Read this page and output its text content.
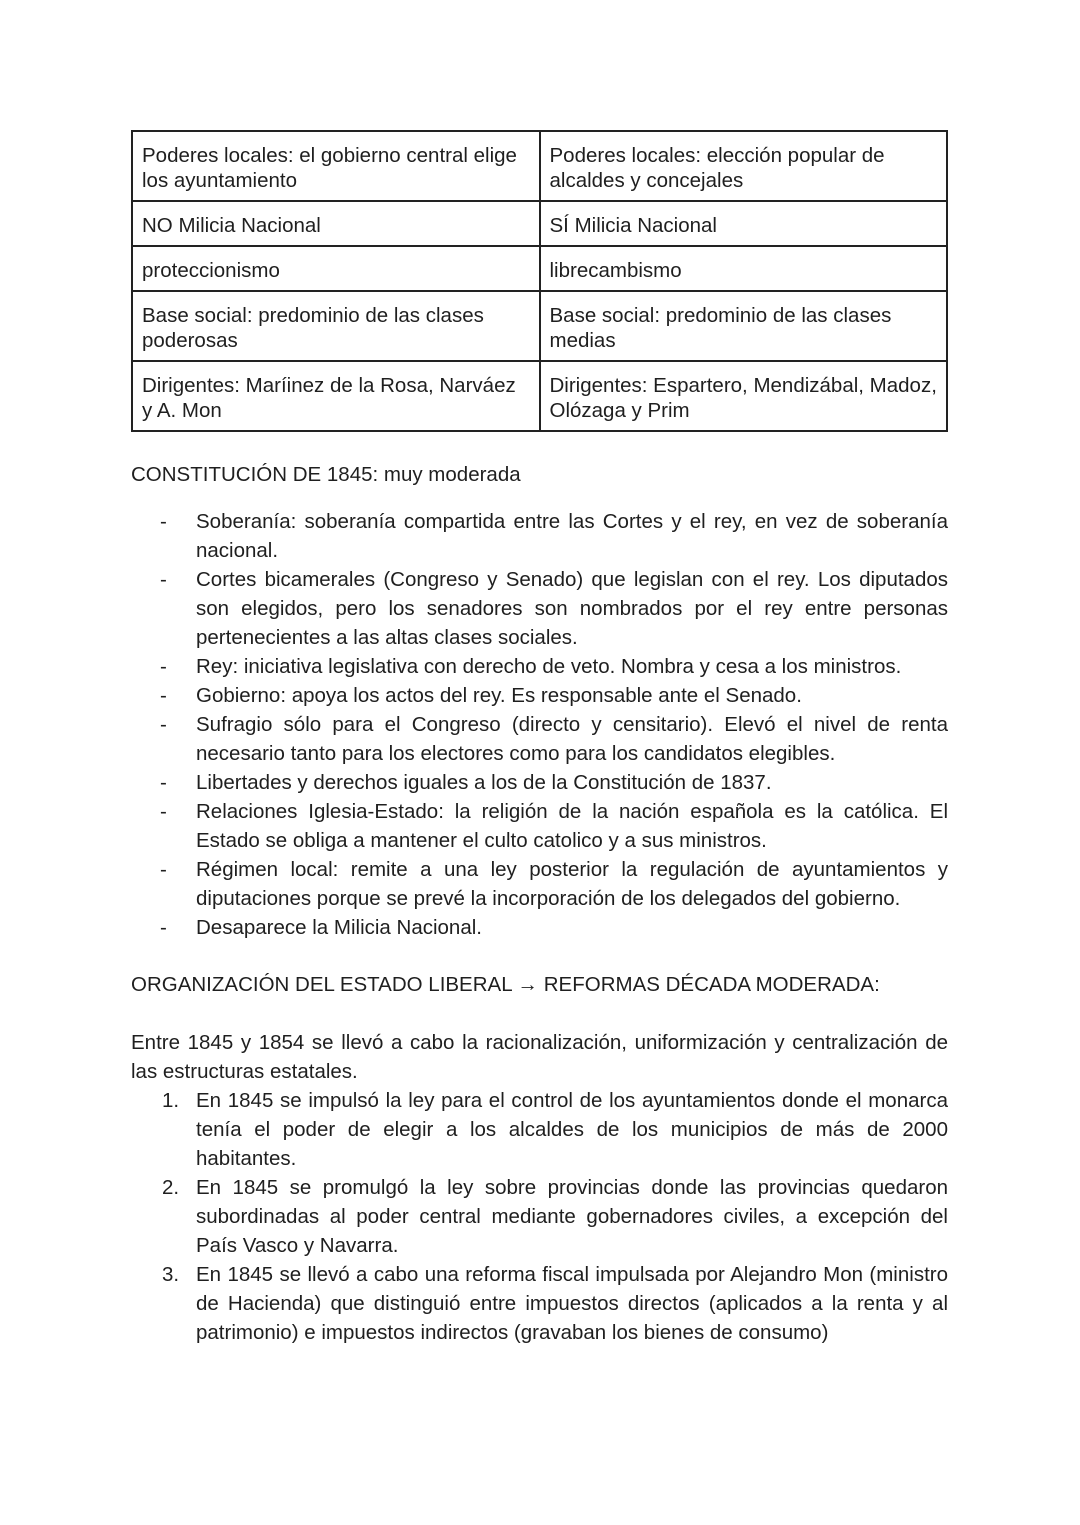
Poderes locales: el gobierno central elige los ayuntamiento	Poderes locales: elección popular de alcaldes y concejales
NO Milicia Nacional	SÍ Milicia Nacional
proteccionismo	librecambismo
Base social: predominio de las clases poderosas	Base social: predominio de las clases medias
Dirigentes: Maríinez de la Rosa, Narváez y A. Mon	Dirigentes: Espartero, Mendizábal, Madoz, Olózaga y Prim

CONSTITUCIÓN DE 1845: muy moderada

- Soberanía: soberanía compartida entre las Cortes y el rey, en vez de soberanía nacional.
- Cortes bicamerales (Congreso y Senado) que legislan con el rey. Los diputados son elegidos, pero los senadores son nombrados por el rey entre personas pertenecientes a las altas clases sociales.
- Rey: iniciativa legislativa con derecho de veto. Nombra y cesa a los ministros.
- Gobierno: apoya los actos del rey. Es responsable ante el Senado.
- Sufragio sólo para el Congreso (directo y censitario). Elevó el nivel de renta necesario tanto para los electores como para los candidatos elegibles.
- Libertades y derechos iguales a los de la Constitución de 1837.
- Relaciones Iglesia-Estado: la religión de la nación española es la católica. El Estado se obliga a mantener el culto catolico y a sus ministros.
- Régimen local: remite a una ley posterior la regulación de ayuntamientos y diputaciones porque se prevé la incorporación de los delegados del gobierno.
- Desaparece la Milicia Nacional.

ORGANIZACIÓN DEL ESTADO LIBERAL → REFORMAS DÉCADA MODERADA:

Entre 1845 y 1854 se llevó a cabo la racionalización, uniformización y centralización de las estructuras estatales.

1. En 1845 se impulsó la ley para el control de los ayuntamientos donde el monarca tenía el poder de elegir a los alcaldes de los municipios de más de 2000 habitantes.
2. En 1845 se promulgó la ley sobre provincias donde las provincias quedaron subordinadas al poder central mediante gobernadores civiles, a excepción del País Vasco y Navarra.
3. En 1845 se llevó a cabo una reforma fiscal impulsada por Alejandro Mon (ministro de Hacienda) que distinguió entre impuestos directos (aplicados a la renta y al patrimonio) e impuestos indirectos (gravaban los bienes de consumo)
